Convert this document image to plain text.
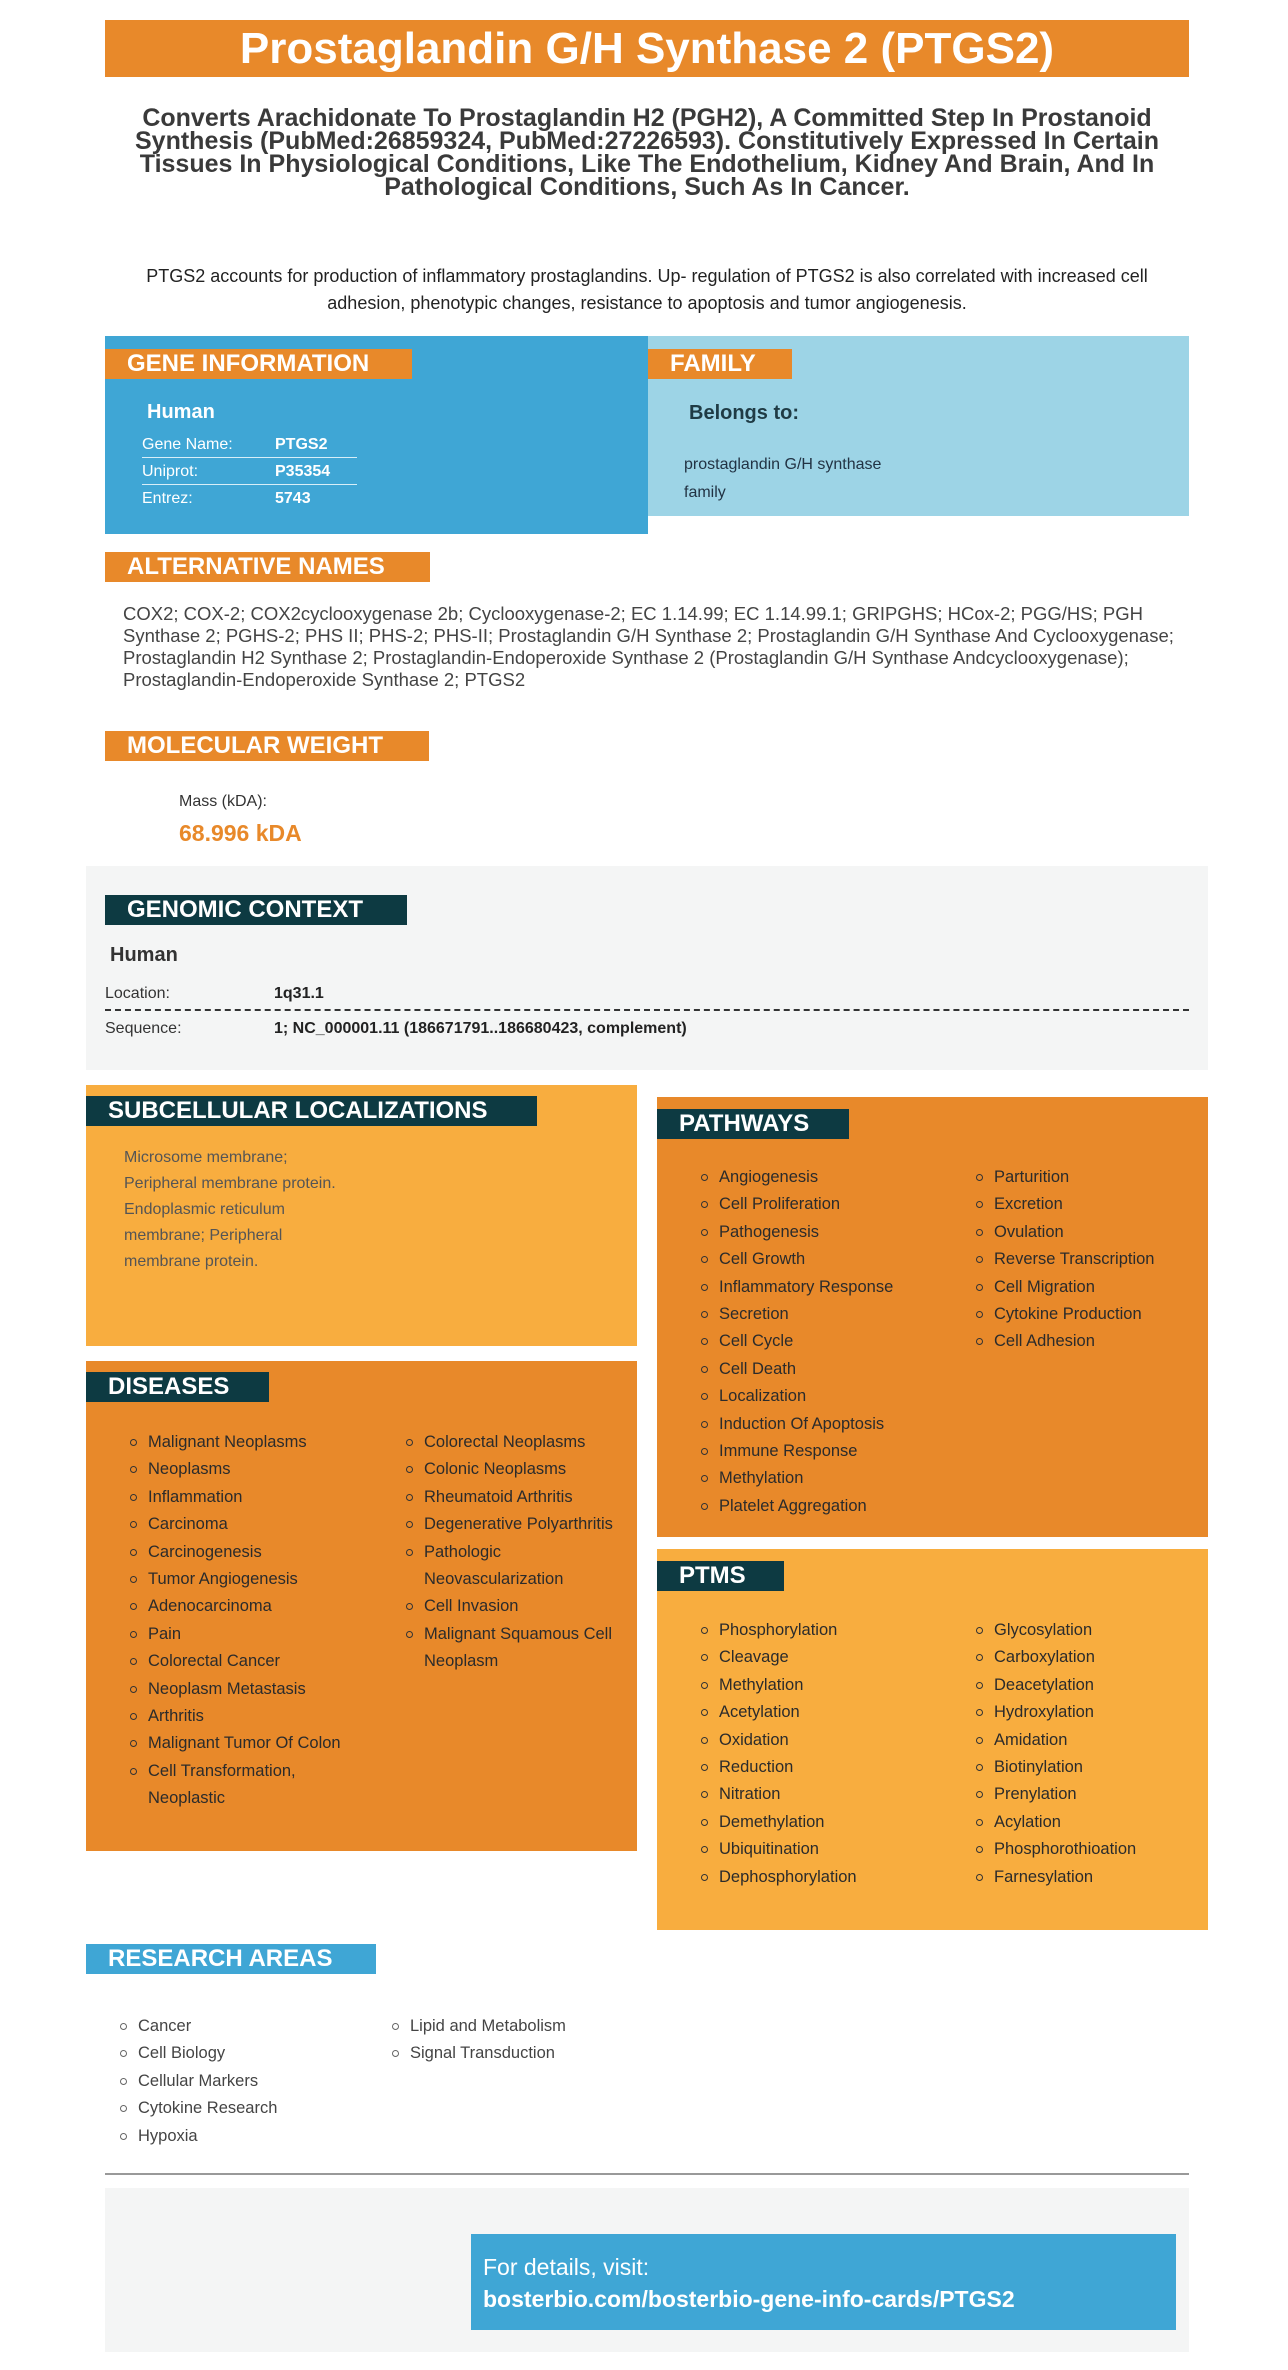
Prostaglandin G/H Synthase 2 (PTGS2)
Converts Arachidonate To Prostaglandin H2 (PGH2), A Committed Step In Prostanoid Synthesis (PubMed:26859324, PubMed:27226593). Constitutively Expressed In Certain Tissues In Physiological Conditions, Like The Endothelium, Kidney And Brain, And In Pathological Conditions, Such As In Cancer.
PTGS2 accounts for production of inflammatory prostaglandins. Up- regulation of PTGS2 is also correlated with increased cell adhesion, phenotypic changes, resistance to apoptosis and tumor angiogenesis.
GENE INFORMATION	FAMILY
Human
Gene Name:	PTGS2
Uniprot:	P35354
Entrez:	5743
Belongs to:
prostaglandin G/H synthase family
ALTERNATIVE NAMES
COX2; COX-2; COX2cyclooxygenase 2b; Cyclooxygenase-2; EC 1.14.99; EC 1.14.99.1; GRIPGHS; HCox-2; PGG/HS; PGH Synthase 2; PGHS-2; PHS II; PHS-2; PHS-II; Prostaglandin G/H Synthase 2; Prostaglandin G/H Synthase And Cyclooxygenase; Prostaglandin H2 Synthase 2; Prostaglandin-Endoperoxide Synthase 2 (Prostaglandin G/H Synthase Andcyclooxygenase); Prostaglandin-Endoperoxide Synthase 2; PTGS2
MOLECULAR WEIGHT
Mass (kDA):
68.996 kDA
GENOMIC CONTEXT
Human
Location:	1q31.1
Sequence:	1; NC_000001.11 (186671791..186680423, complement)
SUBCELLULAR LOCALIZATIONS
Microsome membrane; Peripheral membrane protein. Endoplasmic reticulum membrane; Peripheral membrane protein.
PATHWAYS
Angiogenesis
Cell Proliferation
Pathogenesis
Cell Growth
Inflammatory Response
Secretion
Cell Cycle
Cell Death
Localization
Induction Of Apoptosis
Immune Response
Methylation
Platelet Aggregation
Parturition
Excretion
Ovulation
Reverse Transcription
Cell Migration
Cytokine Production
Cell Adhesion
DISEASES
Malignant Neoplasms
Neoplasms
Inflammation
Carcinoma
Carcinogenesis
Tumor Angiogenesis
Adenocarcinoma
Pain
Colorectal Cancer
Neoplasm Metastasis
Arthritis
Malignant Tumor Of Colon
Cell Transformation, Neoplastic
Colorectal Neoplasms
Colonic Neoplasms
Rheumatoid Arthritis
Degenerative Polyarthritis
Pathologic Neovascularization
Cell Invasion
Malignant Squamous Cell Neoplasm
PTMS
Phosphorylation
Cleavage
Methylation
Acetylation
Oxidation
Reduction
Nitration
Demethylation
Ubiquitination
Dephosphorylation
Glycosylation
Carboxylation
Deacetylation
Hydroxylation
Amidation
Biotinylation
Prenylation
Acylation
Phosphorothioation
Farnesylation
RESEARCH AREAS
Cancer
Cell Biology
Cellular Markers
Cytokine Research
Hypoxia
Lipid and Metabolism
Signal Transduction
For details, visit:
bosterbio.com/bosterbio-gene-info-cards/PTGS2
